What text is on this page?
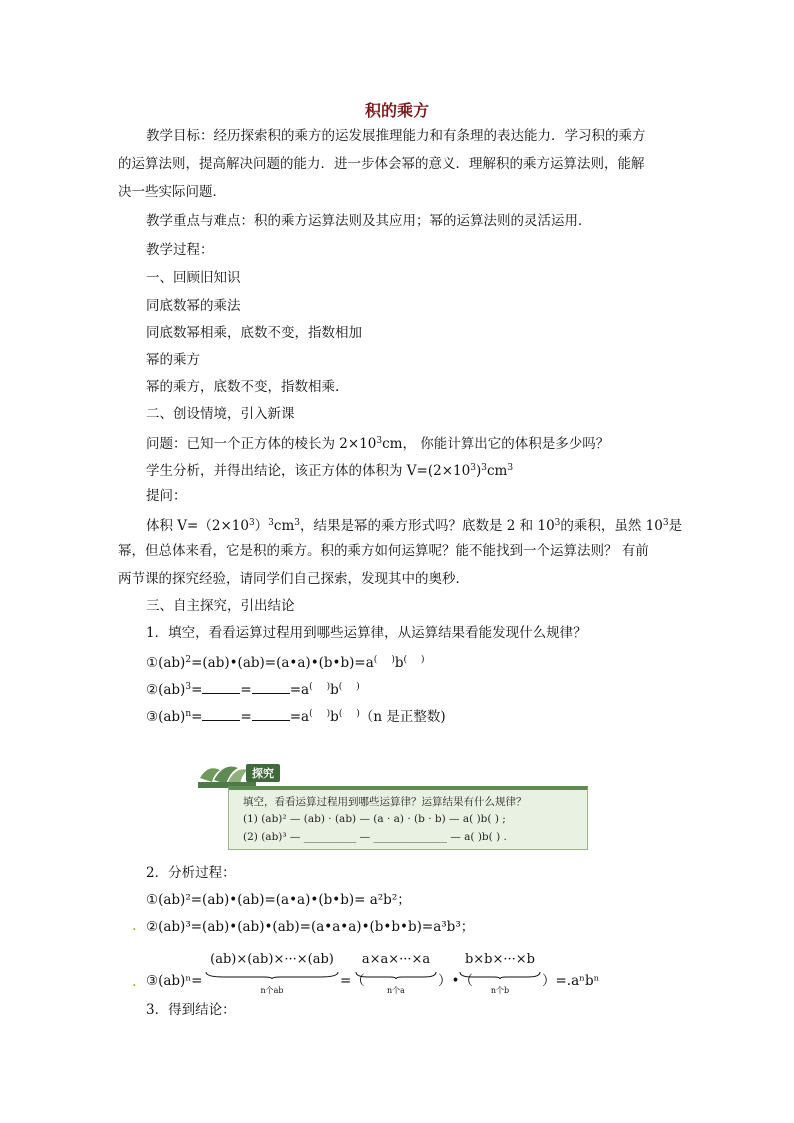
积的乘方
教学目标：经历探索积的乘方的运发展推理能力和有条理的表达能力．学习积的乘方
的运算法则，提高解决问题的能力．进一步体会幂的意义．理解积的乘方运算法则，能解
决一些实际问题．
教学重点与难点：积的乘方运算法则及其应用；幂的运算法则的灵活运用．
教学过程：
一、回顾旧知识
同底数幂的乘法
同底数幂相乘，底数不变，指数相加
幂的乘方
幂的乘方，底数不变，指数相乘.
二、创设情境，引入新课
问题：已知一个正方体的棱长为 $2\times 10^3cm$， 你能计算出它的体积是多少吗？
学生分析，并得出结论，该正方体的体积为 $V=(2\times 10^3)^3cm^3$
提问：
体积 $V=(2\times 10^3)^3cm^3$，结果是幂的乘方形式吗？底数是 2 和 $10^3$的乘积，虽然 $10^3$是
幂，但总体来看，它是积的乘方。积的乘方如何运算呢？能不能找到一个运算法则？ 有前
两节课的探究经验，请同学们自己探索，发现其中的奥秒．
三、自主探究，引出结论
1．填空，看看运算过程用到哪些运算律，从运算结果看能发现什么规律？
①(ab)$^2$=(ab)•(ab)=(a•a)•(b•b)=a( )b( )
②(ab)$^3$=	=	=a( )b( )
③(ab)$^n$=	=	=a( )b( )（n 是正整数)
探究
填空，看看运算过程用到哪些运算律？运算结果有什么规律？
(1) (ab)² — (ab) · (ab) — (a · a) · (b · b) — a( )b( ) ;
(2) (ab)³ — __________ — ______________ — a( )b( ) .
2．分析过程：
①(ab)²=(ab)•(ab)=(a•a)•(b•b)= a²b²；
. ②(ab)³=(ab)•(ab)•(ab)=(a•a•a)•(b•b•b)=a³b³；
. ③(ab)ⁿ=
(ab)×(ab)×···×(ab)
n个ab
=（
a×a×···×a
n个a
）•（
b×b×···×b
n个b
）=.aⁿbⁿ
3．得到结论：
